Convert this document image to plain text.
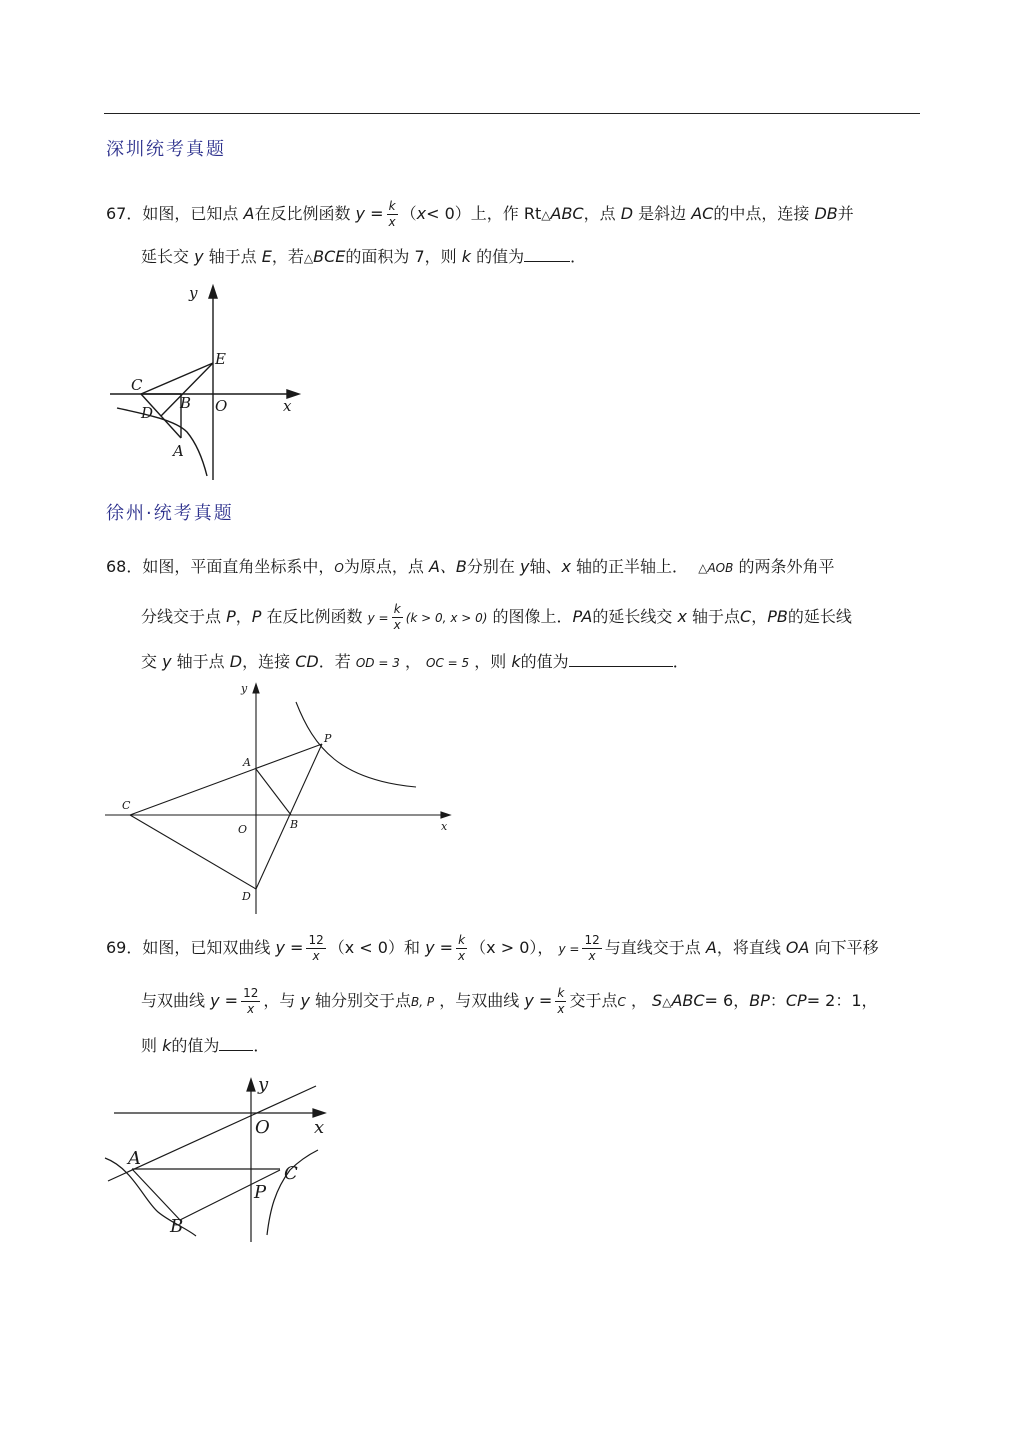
深圳统考真题
67．如图，已知点 A在反比例函数 $y = \frac{k}{x} (x< 0)$上，作 Rt△ABC，点 D 是斜边 AC的中点，连接 DB并
延长交 y 轴于点 E，若△BCE的面积为 7，则 k 的值为	．
y
E
C
B O	x
D
A
徐州·统考真题
68．如图，平面直角坐标系中，O为原点，点 A、B分别在 y轴、x 轴的正半轴上． △AOB 的两条外角平
分线交于点 P，P 在反比例函数 $y = \frac{k}{x} (k > 0$, x > 0) 的图像上．PA的延长线交 x 轴于点C，PB的延长线
交 y 轴于点 D，连接 CD．若 OD = 3 ， OC = 5 ，则 k的值为	．
y
P
A
C
O	B	x
D
69．如图，已知双曲线 $y = \frac{12}{x} (x < 0)$和 $y = \frac{k}{x} (x > 0)$， $y = \frac{12}{x}$ 与直线交于点 A，将直线 OA 向下平移
与双曲线 $y = \frac{12}{x}$ ，与 y 轴分别交于点B, P ，与双曲线 $y = \frac{k}{x}$ 交于点C ， S△ABC= 6，BP：CP= 2：1，
则 k的值为 ．
y
O x
A
C
P
B
